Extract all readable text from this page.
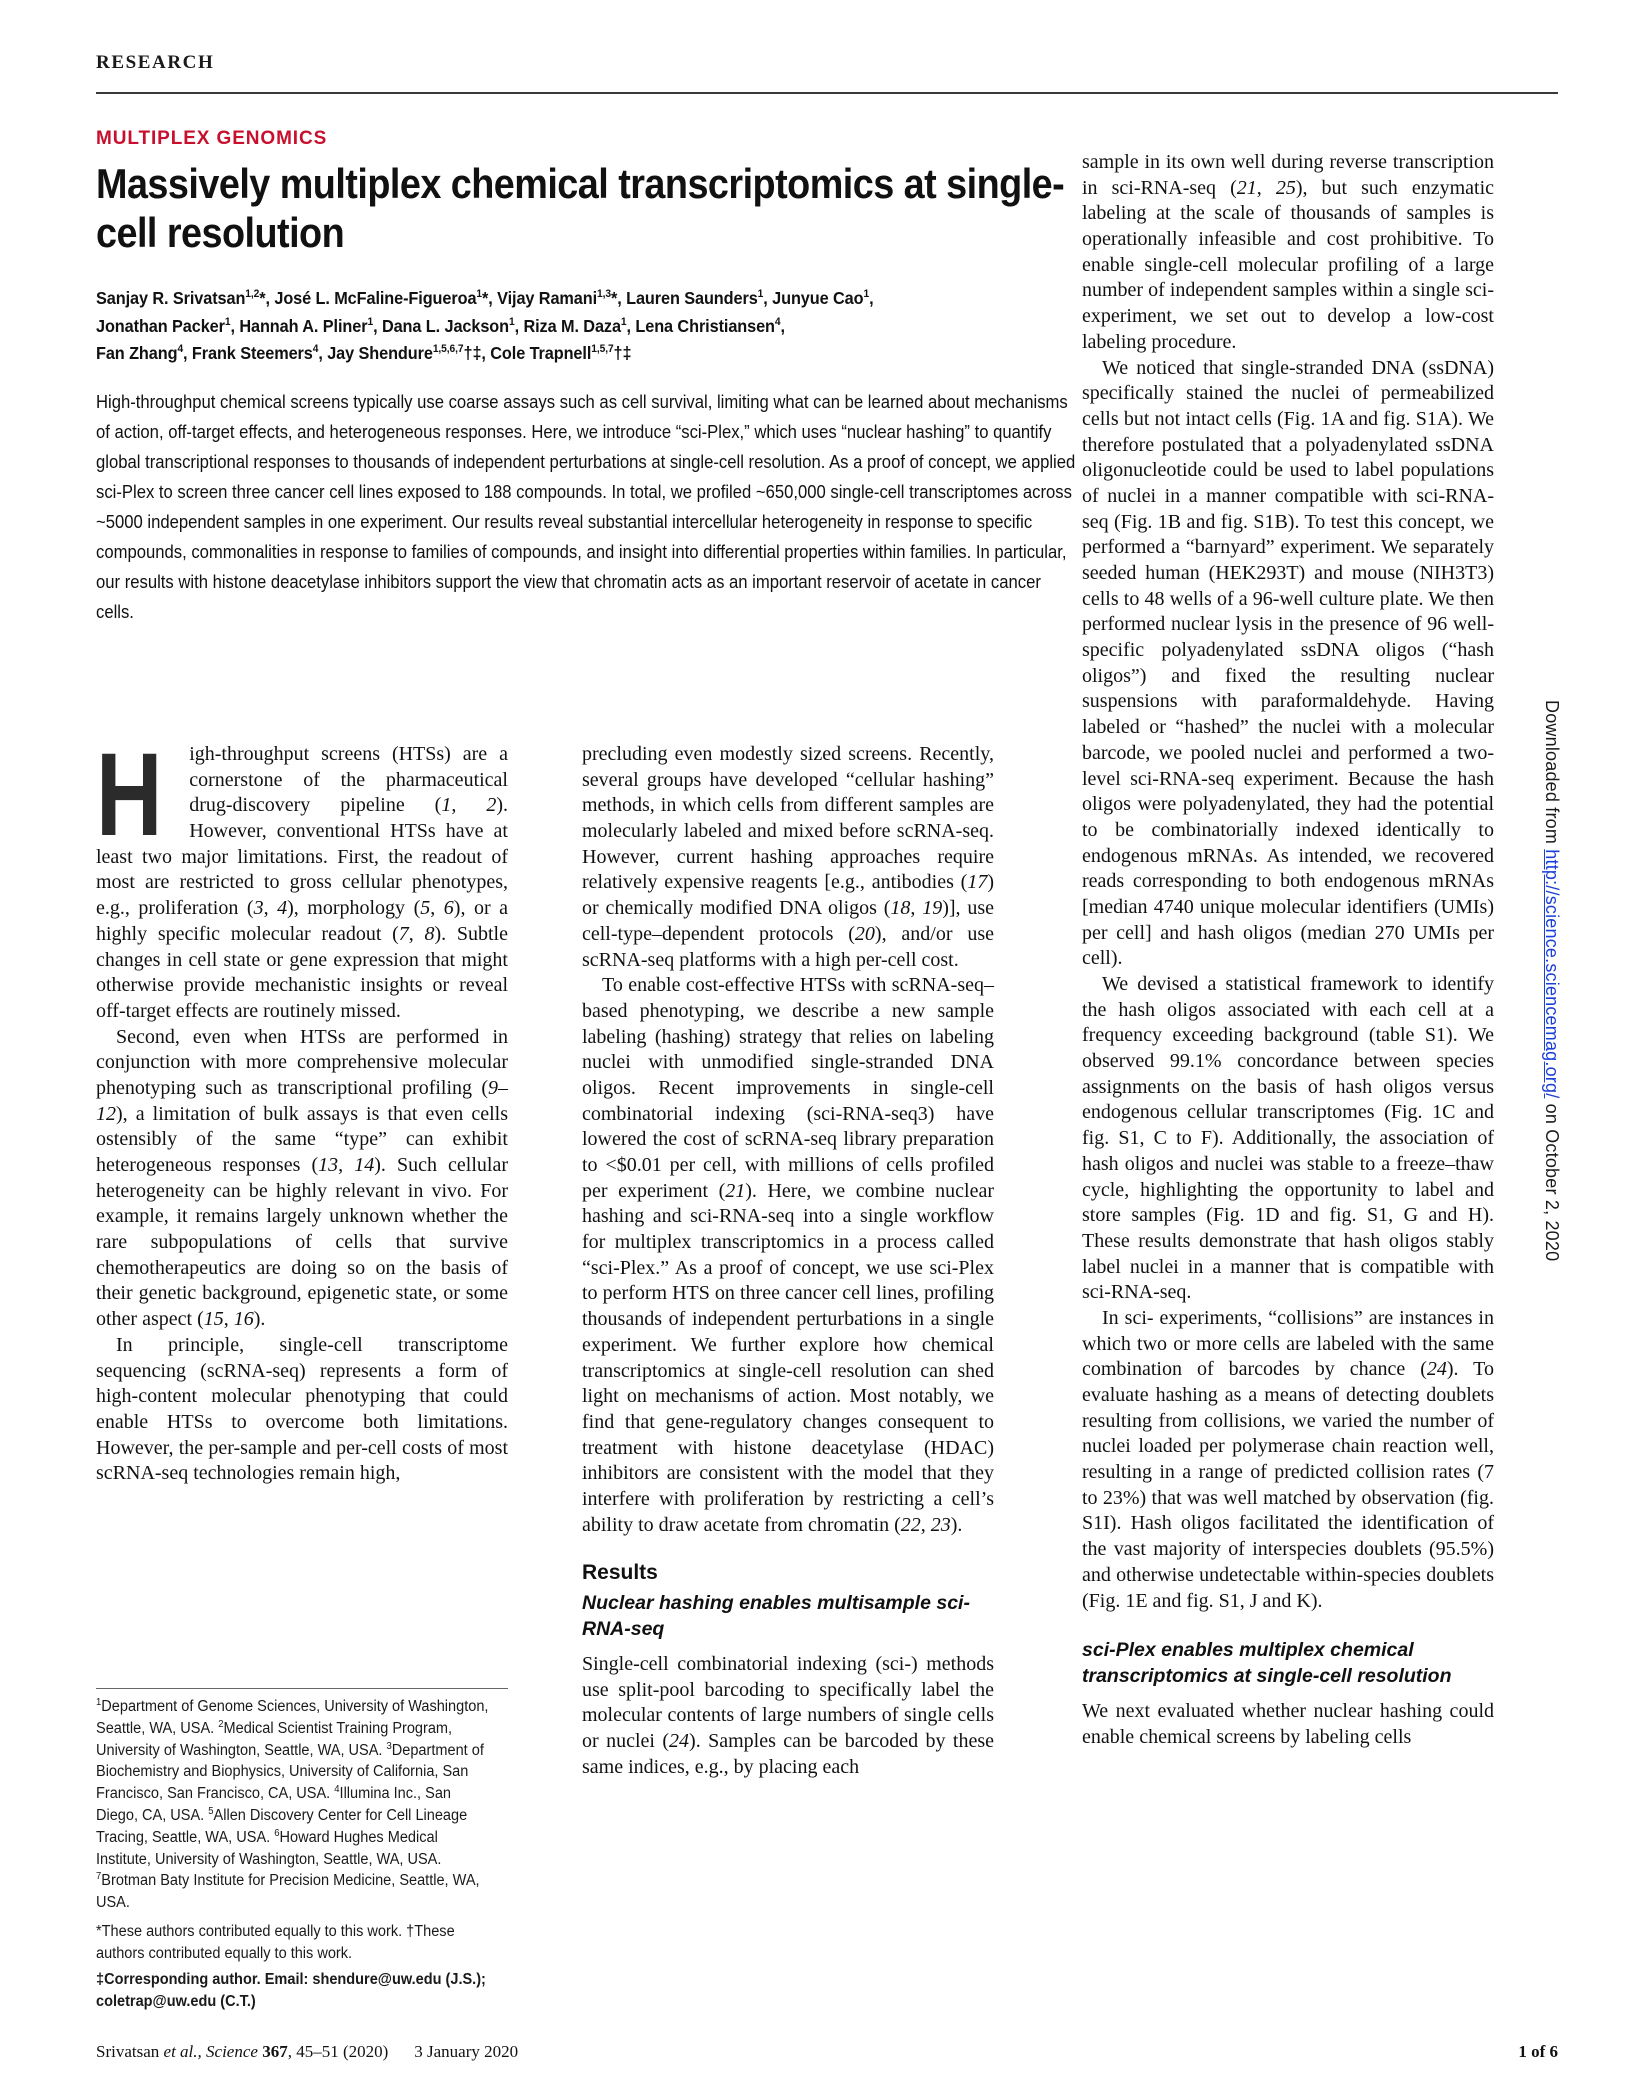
RESEARCH
MULTIPLEX GENOMICS
Massively multiplex chemical transcriptomics at single-cell resolution
Sanjay R. Srivatsan$^{1,2}$*, José L. McFaline-Figueroa$^1$*, Vijay Ramani$^{1,3}$*, Lauren Saunders$^1$, Junyue Cao$^1$,
Jonathan Packer$^1$, Hannah A. Pliner$^1$, Dana L. Jackson$^1$, Riza M. Daza$^1$, Lena Christiansen$^4$,
Fan Zhang$^4$, Frank Steemers$^4$, Jay Shendure$^{1,5,6,7}$†‡, Cole Trapnell$^{1,5,7}$†‡
High-throughput chemical screens typically use coarse assays such as cell survival, limiting what can be learned about mechanisms of action, off-target effects, and heterogeneous responses. Here, we introduce “sci-Plex,” which uses “nuclear hashing” to quantify global transcriptional responses to thousands of independent perturbations at single-cell resolution. As a proof of concept, we applied sci-Plex to screen three cancer cell lines exposed to 188 compounds. In total, we profiled ~650,000 single-cell transcriptomes across ~5000 independent samples in one experiment. Our results reveal substantial intercellular heterogeneity in response to specific compounds, commonalities in response to families of compounds, and insight into differential properties within families. In particular, our results with histone deacetylase inhibitors support the view that chromatin acts as an important reservoir of acetate in cancer cells.

H igh-throughput screens (HTSs) are a cornerstone of the pharmaceutical drug-discovery pipeline (1, 2). However, conventional HTSs have at least two major limitations. First, the readout of most are restricted to gross cellular phenotypes, e.g., proliferation (3, 4), morphology (5, 6), or a highly specific molecular readout (7, 8). Subtle changes in cell state or gene expression that might otherwise provide mechanistic insights or reveal off-target effects are routinely missed.

Second, even when HTSs are performed in conjunction with more comprehensive molecular phenotyping such as transcriptional profiling (9–12), a limitation of bulk assays is that even cells ostensibly of the same “type” can exhibit heterogeneous responses (13, 14). Such cellular heterogeneity can be highly relevant in vivo. For example, it remains largely unknown whether the rare subpopulations of cells that survive chemotherapeutics are doing so on the basis of their genetic background, epigenetic state, or some other aspect (15, 16).

In principle, single-cell transcriptome sequencing (scRNA-seq) represents a form of high-content molecular phenotyping that could enable HTSs to overcome both limitations. However, the per-sample and per-cell costs of most scRNA-seq technologies remain high,

precluding even modestly sized screens. Recently, several groups have developed “cellular hashing” methods, in which cells from different samples are molecularly labeled and mixed before scRNA-seq. However, current hashing approaches require relatively expensive reagents [e.g., antibodies (17) or chemically modified DNA oligos (18, 19)], use cell-type–dependent protocols (20), and/or use scRNA-seq platforms with a high per-cell cost.

To enable cost-effective HTSs with scRNA-seq–based phenotyping, we describe a new sample labeling (hashing) strategy that relies on labeling nuclei with unmodified single-stranded DNA oligos. Recent improvements in single-cell combinatorial indexing (sci-RNA-seq3) have lowered the cost of scRNA-seq library preparation to <$0.01 per cell, with millions of cells profiled per experiment (21). Here, we combine nuclear hashing and sci-RNA-seq into a single workflow for multiplex transcriptomics in a process called “sci-Plex.” As a proof of concept, we use sci-Plex to perform HTS on three cancer cell lines, profiling thousands of independent perturbations in a single experiment. We further explore how chemical transcriptomics at single-cell resolution can shed light on mechanisms of action. Most notably, we find that gene-regulatory changes consequent to treatment with histone deacetylase (HDAC) inhibitors are consistent with the model that they interfere with proliferation by restricting a cell’s ability to draw acetate from chromatin (22, 23).

Results
Nuclear hashing enables multisample sci-RNA-seq

Single-cell combinatorial indexing (sci-) methods use split-pool barcoding to specifically label the molecular contents of large numbers of single cells or nuclei (24). Samples can be barcoded by these same indices, e.g., by placing each

sample in its own well during reverse transcription in sci-RNA-seq (21, 25), but such enzymatic labeling at the scale of thousands of samples is operationally infeasible and cost prohibitive. To enable single-cell molecular profiling of a large number of independent samples within a single sci- experiment, we set out to develop a low-cost labeling procedure.

We noticed that single-stranded DNA (ssDNA) specifically stained the nuclei of permeabilized cells but not intact cells (Fig. 1A and fig. S1A). We therefore postulated that a polyadenylated ssDNA oligonucleotide could be used to label populations of nuclei in a manner compatible with sci-RNA-seq (Fig. 1B and fig. S1B). To test this concept, we performed a “barnyard” experiment. We separately seeded human (HEK293T) and mouse (NIH3T3) cells to 48 wells of a 96-well culture plate. We then performed nuclear lysis in the presence of 96 well-specific polyadenylated ssDNA oligos (“hash oligos”) and fixed the resulting nuclear suspensions with paraformaldehyde. Having labeled or “hashed” the nuclei with a molecular barcode, we pooled nuclei and performed a two-level sci-RNA-seq experiment. Because the hash oligos were polyadenylated, they had the potential to be combinatorially indexed identically to endogenous mRNAs. As intended, we recovered reads corresponding to both endogenous mRNAs [median 4740 unique molecular identifiers (UMIs) per cell] and hash oligos (median 270 UMIs per cell).

We devised a statistical framework to identify the hash oligos associated with each cell at a frequency exceeding background (table S1). We observed 99.1% concordance between species assignments on the basis of hash oligos versus endogenous cellular transcriptomes (Fig. 1C and fig. S1, C to F). Additionally, the association of hash oligos and nuclei was stable to a freeze–thaw cycle, highlighting the opportunity to label and store samples (Fig. 1D and fig. S1, G and H). These results demonstrate that hash oligos stably label nuclei in a manner that is compatible with sci-RNA-seq.

In sci- experiments, “collisions” are instances in which two or more cells are labeled with the same combination of barcodes by chance (24). To evaluate hashing as a means of detecting doublets resulting from collisions, we varied the number of nuclei loaded per polymerase chain reaction well, resulting in a range of predicted collision rates (7 to 23%) that was well matched by observation (fig. S1I). Hash oligos facilitated the identification of the vast majority of interspecies doublets (95.5%) and otherwise undetectable within-species doublets (Fig. 1E and fig. S1, J and K).

sci-Plex enables multiplex chemical transcriptomics at single-cell resolution

We next evaluated whether nuclear hashing could enable chemical screens by labeling cells

$^1$Department of Genome Sciences, University of Washington, Seattle, WA, USA. $^2$Medical Scientist Training Program, University of Washington, Seattle, WA, USA. $^3$Department of Biochemistry and Biophysics, University of California, San Francisco, San Francisco, CA, USA. $^4$Illumina Inc., San Diego, CA, USA. $^5$Allen Discovery Center for Cell Lineage Tracing, Seattle, WA, USA. $^6$Howard Hughes Medical Institute, University of Washington, Seattle, WA, USA. $^7$Brotman Baty Institute for Precision Medicine, Seattle, WA, USA.

*These authors contributed equally to this work. †These authors contributed equally to this work.

‡Corresponding author. Email: shendure@uw.edu (J.S.); coletrap@uw.edu (C.T.)

Downloaded from http://science.sciencemag.org/ on October 2, 2020
Srivatsan et al., Science 367, 45–51 (2020) 3 January 2020	1 of 6
